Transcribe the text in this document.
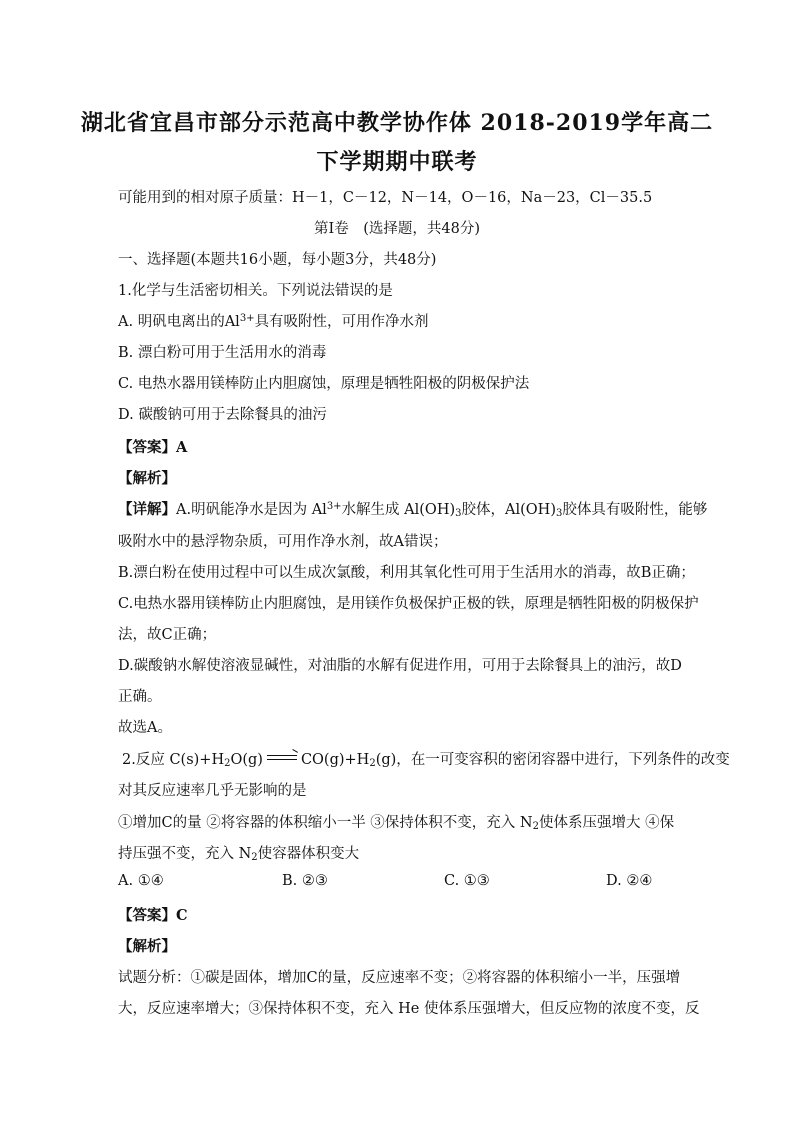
湖北省宜昌市部分示范高中教学协作体 2018-2019学年高二
下学期期中联考
可能用到的相对原子质量：H－1，C－12，N－14，O－16，Na－23，Cl－35.5
第Ⅰ卷　(选择题，共48分)
一、选择题(本题共16小题，每小题3分，共48分)
1.化学与生活密切相关。下列说法错误的是
A. 明矾电离出的$Al^{3+}$具有吸附性，可用作净水剂
B. 漂白粉可用于生活用水的消毒
C. 电热水器用镁棒防止内胆腐蚀，原理是牺牲阳极的阴极保护法
D. 碳酸钠可用于去除餐具的油污
【答案】A
【解析】
【详解】A.明矾能净水是因为 $Al^{3+}$水解生成 $Al(OH)_3$胶体，$Al(OH)_3$胶体具有吸附性，能够
吸附水中的悬浮物杂质，可用作净水剂，故A错误；
B.漂白粉在使用过程中可以生成次氯酸，利用其氧化性可用于生活用水的消毒，故B正确；
C.电热水器用镁棒防止内胆腐蚀，是用镁作负极保护正极的铁，原理是牺牲阳极的阴极保护
法，故C正确；
D.碳酸钠水解使溶液显碱性，对油脂的水解有促进作用，可用于去除餐具上的油污，故D
正确。
故选A。
2.反应 $C(s)+H_2O(g) \to CO(g)+H_2(g)$，在一可变容积的密闭容器中进行，下列条件的改变
对其反应速率几乎无影响的是
①增加C的量 ②将容器的体积缩小一半 ③保持体积不变，充入 $N_2$使体系压强增大 ④保
持压强不变，充入 $N_2$使容器体积变大
A. ①④	B. ②③	C. ①③	D. ②④
【答案】C
【解析】
试题分析：①碳是固体，增加C的量，反应速率不变；②将容器的体积缩小一半，压强增
大，反应速率增大；③保持体积不变，充入 He 使体系压强增大，但反应物的浓度不变，反
